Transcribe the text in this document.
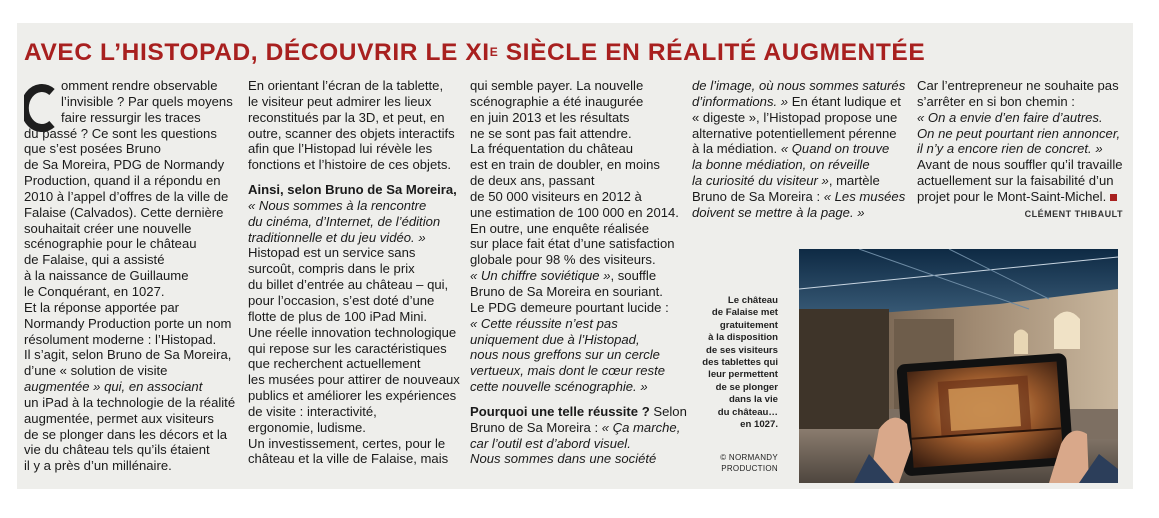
AVEC L’HISTOPAD, DÉCOUVRIR LE $XI^E$ SIÈCLE EN RÉALITÉ AUGMENTÉE

omment rendre observable

l’invisible ? Par quels moyens

faire ressurgir les traces

du passé ? Ce sont les questions

que s’est posées Bruno

de Sa Moreira, PDG de Normandy

Production, quand il a répondu en

2010 à l’appel d’offres de la ville de

Falaise (Calvados). Cette dernière

souhaitait créer une nouvelle

scénographie pour le château

de Falaise, qui a assisté

à la naissance de Guillaume

le Conquérant, en 1027.

Et la réponse apportée par

Normandy Production porte un nom

résolument moderne : l’Histopad.

Il s’agit, selon Bruno de Sa Moreira,

d’une « solution de visite

augmentée » qui, en associant

un iPad à la technologie de la réalité

augmentée, permet aux visiteurs

de se plonger dans les décors et la

vie du château tels qu’ils étaient

il y a près d’un millénaire.

En orientant l’écran de la tablette,

le visiteur peut admirer les lieux

reconstitués par la 3D, et peut, en

outre, scanner des objets interactifs

afin que l’Histopad lui révèle les

fonctions et l’histoire de ces objets.

Ainsi, selon Bruno de Sa Moreira,

« Nous sommes à la rencontre

du cinéma, d’Internet, de l’édition

traditionnelle et du jeu vidéo. »

Histopad est un service sans

surcoût, compris dans le prix

du billet d’entrée au château – qui,

pour l’occasion, s’est doté d’une

flotte de plus de 100 iPad Mini.

Une réelle innovation technologique

qui repose sur les caractéristiques

que recherchent actuellement

les musées pour attirer de nouveaux

publics et améliorer les expériences

de visite : interactivité,

ergonomie, ludisme.

Un investissement, certes, pour le

château et la ville de Falaise, mais

qui semble payer. La nouvelle

scénographie a été inaugurée

en juin 2013 et les résultats

ne se sont pas fait attendre.

La fréquentation du château

est en train de doubler, en moins

de deux ans, passant

de 50 000 visiteurs en 2012 à

une estimation de 100 000 en 2014.

En outre, une enquête réalisée

sur place fait état d’une satisfaction

globale pour 98 % des visiteurs.

« Un chiffre soviétique », souffle

Bruno de Sa Moreira en souriant.

Le PDG demeure pourtant lucide :

« Cette réussite n’est pas

uniquement due à l’Histopad,

nous nous greffons sur un cercle

vertueux, mais dont le cœur reste

cette nouvelle scénographie. »

Pourquoi une telle réussite ? Selon

Bruno de Sa Moreira : « Ça marche,

car l’outil est d’abord visuel.

Nous sommes dans une société

de l’image, où nous sommes saturés

d’informations. » En étant ludique et

« digeste », l’Histopad propose une

alternative potentiellement pérenne

à la médiation. « Quand on trouve

la bonne médiation, on réveille

la curiosité du visiteur », martèle

Bruno de Sa Moreira : « Les musées

doivent se mettre à la page. »

Car l’entrepreneur ne souhaite pas

s’arrêter en si bon chemin :

« On a envie d’en faire d’autres.

On ne peut pourtant rien annoncer,

il n’y a encore rien de concret. »

Avant de nous souffler qu’il travaille

actuellement sur la faisabilité d’un

projet pour le Mont-Saint-Michel.

CLÉMENT THIBAULT

Le château

de Falaise met

gratuitement

à la disposition

de ses visiteurs

des tablettes qui

leur permettent

de se plonger

dans la vie

du château…

en 1027.

© NORMANDY
PRODUCTION
